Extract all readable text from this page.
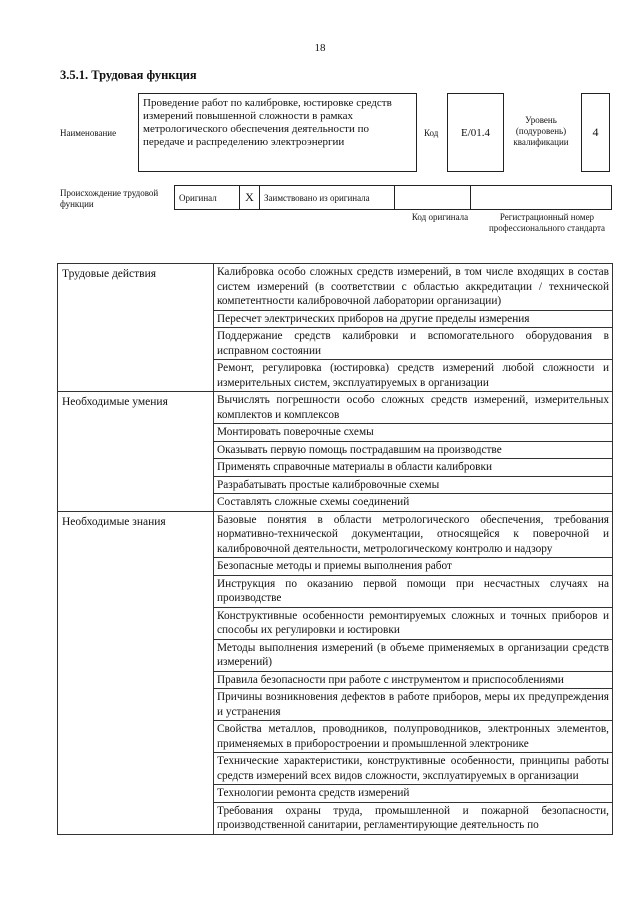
18
3.5.1. Трудовая функция
Наименование
Проведение работ по калибровке, юстировке средств измерений повышенной сложности в рамках метрологического обеспечения деятельности по передаче и распределению электроэнергии
Код	E/01.4
Уровень (подуровень) квалификации
4
Происхождение трудовой функции
Оригинал	X	Заимствовано из оригинала
Код оригинала	Регистрационный номер профессионального стандарта
Трудовые действия	Калибровка особо сложных средств измерений, в том числе входящих в состав систем измерений (в соответствии с областью аккредитации / технической компетентности калибровочной лаборатории организации)
	Пересчет электрических приборов на другие пределы измерения
	Поддержание средств калибровки и вспомогательного оборудования в исправном состоянии
	Ремонт, регулировка (юстировка) средств измерений любой сложности и измерительных систем, эксплуатируемых в организации
Необходимые умения	Вычислять погрешности особо сложных средств измерений, измерительных комплектов и комплексов
	Монтировать поверочные схемы
	Оказывать первую помощь пострадавшим на производстве
	Применять справочные материалы в области калибровки
	Разрабатывать простые калибровочные схемы
	Составлять сложные схемы соединений
Необходимые знания	Базовые понятия в области метрологического обеспечения, требования нормативно-технической документации, относящейся к поверочной и калибровочной деятельности, метрологическому контролю и надзору
	Безопасные методы и приемы выполнения работ
	Инструкция по оказанию первой помощи при несчастных случаях на производстве
	Конструктивные особенности ремонтируемых сложных и точных приборов и способы их регулировки и юстировки
	Методы выполнения измерений (в объеме применяемых в организации средств измерений)
	Правила безопасности при работе с инструментом и приспособлениями
	Причины возникновения дефектов в работе приборов, меры их предупреждения и устранения
	Свойства металлов, проводников, полупроводников, электронных элементов, применяемых в приборостроении и промышленной электронике
	Технические характеристики, конструктивные особенности, принципы работы средств измерений всех видов сложности, эксплуатируемых в организации
	Технологии ремонта средств измерений
	Требования охраны труда, промышленной и пожарной безопасности, производственной санитарии, регламентирующие деятельность по
